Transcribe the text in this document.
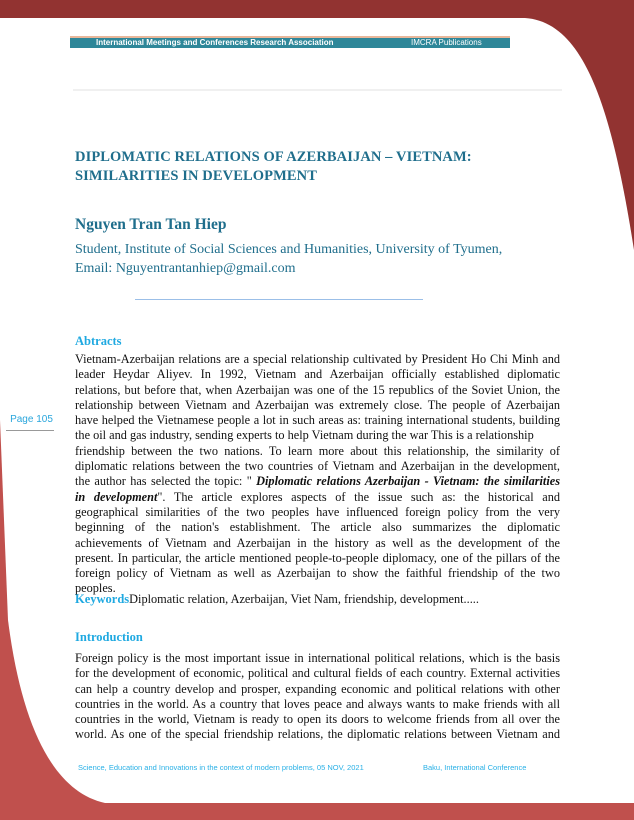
International Meetings and Conferences Research Association	IMCRA Publications
DIPLOMATIC RELATIONS OF AZERBAIJAN – VIETNAM:
SIMILARITIES IN DEVELOPMENT
Nguyen Tran Tan Hiep
Student, Institute of Social Sciences and Humanities, University of Tyumen,
Email: Nguyentrantanhiep@gmail.com
Abtracts
Vietnam-Azerbaijan relations are a special relationship cultivated by President Ho Chi Minh and
leader Heydar Aliyev. In 1992, Vietnam and Azerbaijan officially established diplomatic
relations, but before that, when Azerbaijan was one of the 15 republics of the Soviet Union, the
relationship between Vietnam and Azerbaijan was extremely close. The people of Azerbaijan
have helped the Vietnamese people a lot in such areas as: training international students, building
the oil and gas industry, sending experts to help Vietnam during the war This is a relationship
friendship between the two nations. To learn more about this relationship, the similarity of
diplomatic relations between the two countries of Vietnam and Azerbaijan in the development,
the author has selected the topic: " Diplomatic relations Azerbaijan - Vietnam: the similarities
in development". The article explores aspects of the issue such as: the historical and
geographical similarities of the two peoples have influenced foreign policy from the very
beginning of the nation's establishment. The article also summarizes the diplomatic
achievements of Vietnam and Azerbaijan in the history as well as the development of the
present. In particular, the article mentioned people-to-people diplomacy, one of the pillars of the
foreign policy of Vietnam as well as Azerbaijan to show the faithful friendship of the two
peoples.
KeywordsDiplomatic relation, Azerbaijan, Viet Nam, friendship, development.....
Introduction
Foreign policy is the most important issue in international political relations, which is the basis
for the development of economic, political and cultural fields of each country. External activities
can help a country develop and prosper, expanding economic and political relations with other
countries in the world. As a country that loves peace and always wants to make friends with all
countries in the world, Vietnam is ready to open its doors to welcome friends from all over the
world. As one of the special friendship relations, the diplomatic relations between Vietnam and
Page 105
Science, Education and Innovations in the context of modern problems, 05 NOV, 2021	Baku, International Conference
